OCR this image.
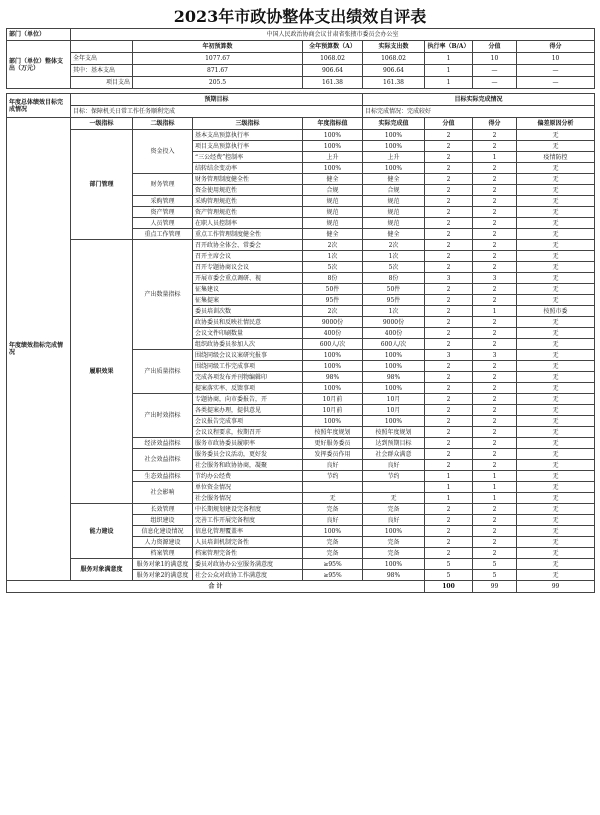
2023年市政协整体支出绩效自评表
部门（单位）	中国人民政治协商会议甘肃省张掖市委员会办公室							
部门（单位）整体支出（万元）		年初预算数		全年预算数（A）	实际支出数	执行率（B/A）	分值	得分
	全年支出	1077.67		1068.02	1068.02	1	10	10
	其中：基本支出	871.67		906.64	906.64	1	—	—
	项目支出	205.5		161.38	161.38	1	—	—

年度总体绩效目标完成情况	预期目标				目标实际完成情况			
	目标：保障机关日常工作任务顺利完成				目标完成情况：完成较好			
年度绩效指标完成情况	一级指标	二级指标	三级指标	年度指标值	实际完成值	分值	得分	偏差原因分析
	部门管理	资金投入	基本支出预算执行率	100%	100%	2	2	无
			项目支出预算执行率	100%	100%	2	2	无
			“三公经费”控制率	上升	上升	2	1	疫情防控
			结转结余变动率	100%	100%	2	2	无
		财务管理	财务管理制度健全性	健全	健全	2	2	无
			资金使用规范性	合规	合规	2	2	无
		采购管理	采购管理规范性	规范	规范	2	2	无
		资产管理	资产管理规范性	规范	规范	2	2	无
		人员管理	在职人员控制率	规范	规范	2	2	无
		重点工作管理	重点工作管理制度健全性	健全	健全	2	2	无
	履职效果	产出数量指标	召开政协全体会、常委会	2次	2次	2	2	无
			召开主席会议	1次	1次	2	2	无
			召开专题协商议会议	5次	5次	2	2	无
			开展市委会重点调研、视	8份	8份	3	3	无
			征集建议	50件	50件	2	2	无
			征集提案	95件	95件	2	2	无
			委员培训次数	2次	1次	2	1	按照市委
			政协委员和反映社情民意	9000份	9000份	2	2	无
			会议文件印刷数量	400份	400份	2	2	无
			组织政协委员参加人次	600人/次	600人/次	2	2	无
		产出质量指标	围绕同级会议议案研究报事	100%	100%	3	3	无
			围绕同级工作完成事项	100%	100%	2	2	无
			完成各项发布并刊物编辑印	98%	98%	2	2	无
			提案落实率、反馈事项	100%	100%	2	2	无
		产出时效指标	专题协商，向市委报告，开	10月前	10月	2	2	无
			各类提案办理，提供意见	10月前	10月	2	2	无
			会议报告完成事项	100%	100%	2	2	无
			会议议程要求，按期召开	按照年度规划	按照年度规划	2	2	无
		经济效益指标	服务市政协委员履职率	更好服务委员	达到预期目标	2	2	无
		社会效益指标	服务委员会议活动，更好发	发挥委员作用	社会群众满意	2	2	无
			社会服务和政协协商，凝聚	良好	良好	2	2	无
		生态效益指标	节约办公经费	节约	节约	1	1	无
		社会影响	单位资金情况			1	1	无
			社会服务情况	无	无	1	1	无
	能力建设	长效管理	中长期规划建设完备程度	完备	完备	2	2	无
		组织建设	完善工作开展完备程度	良好	良好	2	2	无
		信息化建设情况	信息化管理覆盖率	100%	100%	2	2	无
		人力资源建设	人员培训机制完备性	完备	完备	2	2	无
		档案管理	档案管理完备性	完备	完备	2	2	无
	服务对象满意度	服务对象1的满意度	委员对政协办公室服务满意度	≥95%	100%	5	5	无
		服务对象2的满意度	社会公众对政协工作满意度	≥95%	98%	5	5	无
合 计						100	99	99
